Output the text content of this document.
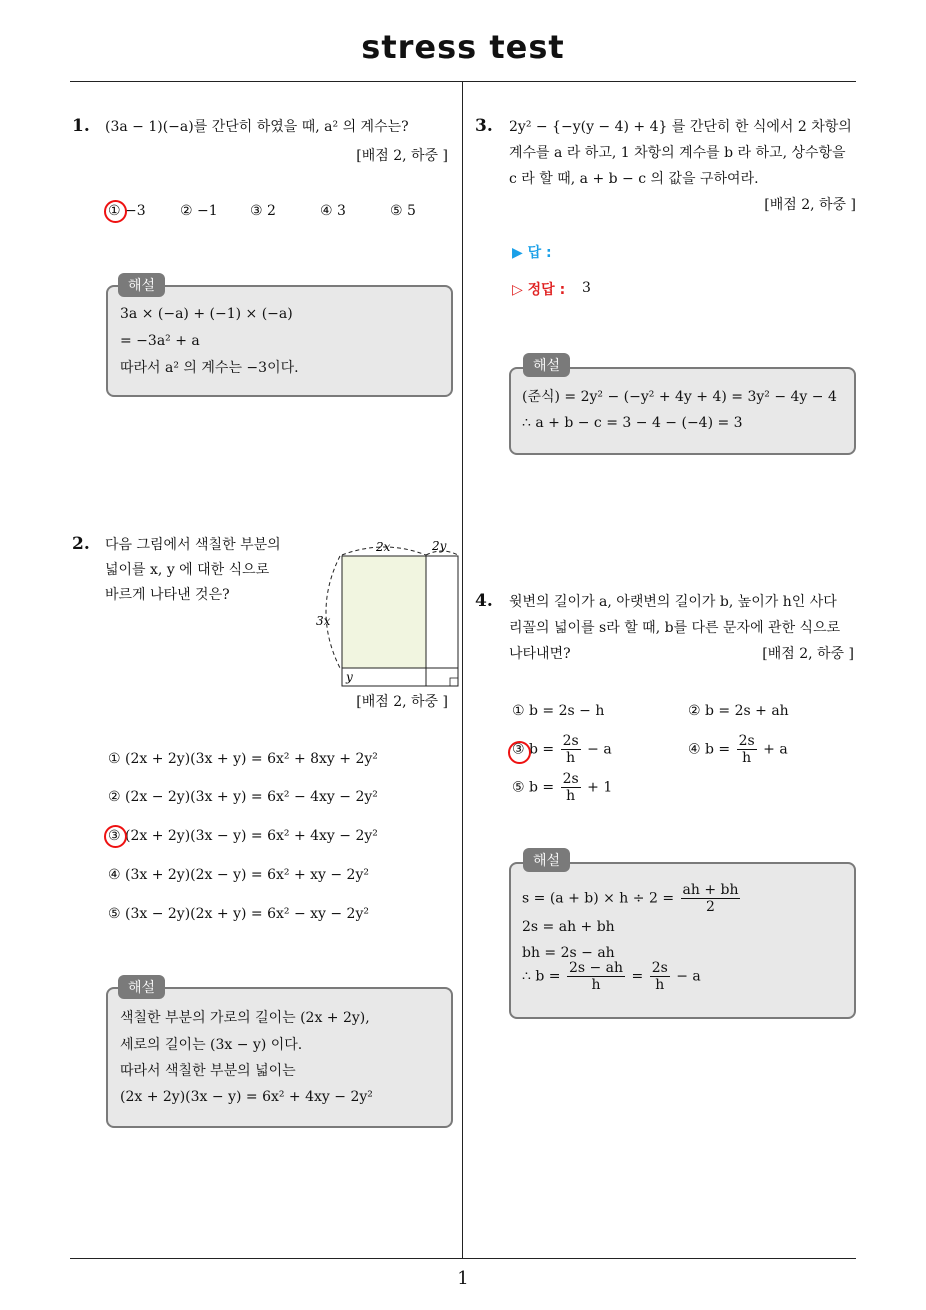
stress test
1
1. (3a − 1)(−a)를 간단히 하였을 때, a² 의 계수는?
[배점 2, 하중 ]
① −3 ② −1 ③ 2	④ 3	⑤ 5
해설
3a × (−a) + (−1) × (−a)
= −3a² + a
따라서 a² 의 계수는 −3이다.
2. 다음 그림에서 색칠한 부분의
넓이를 x, y 에 대한 식으로
바르게 나타낸 것은?
2x	2y
3x
y
[배점 2, 하중 ]
① (2x + 2y)(3x + y) = 6x² + 8xy + 2y²
② (2x − 2y)(3x + y) = 6x² − 4xy − 2y²
③ (2x + 2y)(3x − y) = 6x² + 4xy − 2y²
④ (3x + 2y)(2x − y) = 6x² + xy − 2y²
⑤ (3x − 2y)(2x + y) = 6x² − xy − 2y²
해설
색칠한 부분의 가로의 길이는 (2x + 2y),
세로의 길이는 (3x − y) 이다.
따라서 색칠한 부분의 넓이는
(2x + 2y)(3x − y) = 6x² + 4xy − 2y²
3. 2y² − {−y(y − 4) + 4} 를 간단히 한 식에서 2 차항의
계수를 a 라 하고, 1 차항의 계수를 b 라 하고, 상수항을
c 라 할 때, a + b − c 의 값을 구하여라.
[배점 2, 하중 ]
▶ 답 :
▷ 정답 : 3
해설
(준식) = 2y² − (−y² + 4y + 4) = 3y² − 4y − 4
∴ a + b − c = 3 − 4 − (−4) = 3
4. 윗변의 길이가 a, 아랫변의 길이가 b, 높이가 h인 사다
리꼴의 넓이를 s라 할 때, b를 다른 문자에 관한 식으로
나타내면?	[배점 2, 하중 ]
① b = 2s − h	② b = 2s + ah
③ $b = \frac{2s}{h} - a$	④ $b = \frac{2s}{h} + a$
⑤ $b = \frac{2s}{h} + 1$
해설
$s = (a + b) \times h \div 2 = \frac{ah + bh}{2}$
2s = ah + bh
bh = 2s − ah
∴ $b = \frac{2s - ah}{h} = \frac{2s}{h} - a$
